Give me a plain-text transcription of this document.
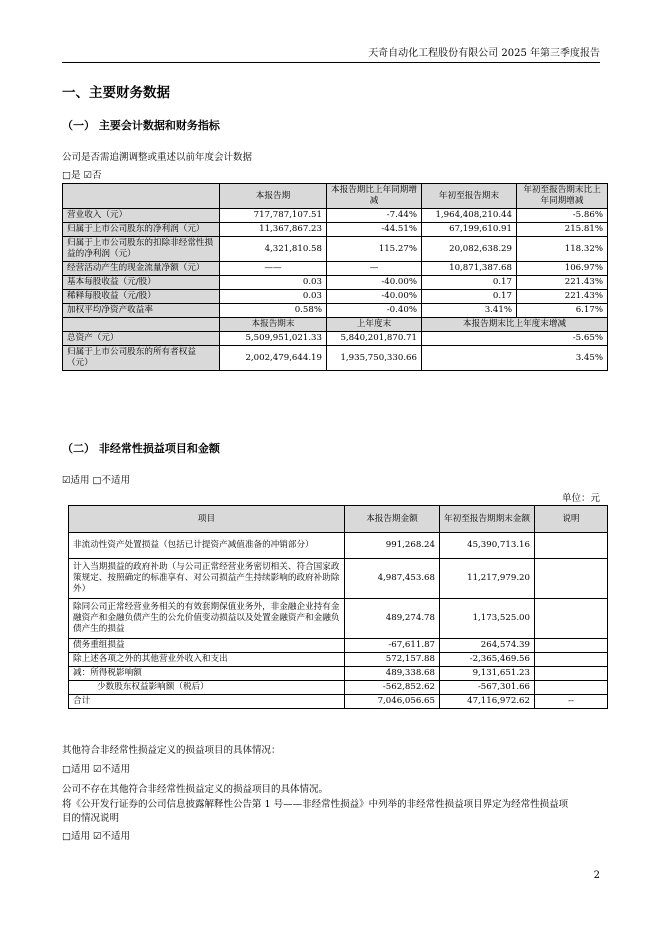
天奇自动化工程股份有限公司 2025 年第三季度报告
一、主要财务数据
（一） 主要会计数据和财务指标
公司是否需追溯调整或重述以前年度会计数据
□是 ☑否
	本报告期	本报告期比上年同期增减	年初至报告期末	年初至报告期末比上年同期增减
营业收入（元）	717,787,107.51	-7.44%	1,964,408,210.44	-5.86%
归属于上市公司股东的净利润（元）	11,367,867.23	-44.51%	67,199,610.91	215.81%
归属于上市公司股东的扣除非经常性损益的净利润（元）	4,321,810.58	115.27%	20,082,638.29	118.32%
经营活动产生的现金流量净额（元）	——	—	10,871,387.68	106.97%
基本每股收益（元/股）	0.03	-40.00%	0.17	221.43%
稀释每股收益（元/股）	0.03	-40.00%	0.17	221.43%
加权平均净资产收益率	0.58%	-0.40%	3.41%	6.17%
	本报告期末	上年度末	本报告期末比上年度末增减	
总资产（元）	5,509,951,021.33	5,840,201,870.71	-5.65%	
归属于上市公司股东的所有者权益（元）	2,002,479,644.19	1,935,750,330.66	3.45%	
（二） 非经常性损益项目和金额
☑适用 □不适用
单位：元
项目	本报告期金额	年初至报告期期末金额	说明
非流动性资产处置损益（包括已计提资产减值准备的冲销部分）	991,268.24	45,390,713.16	
计入当期损益的政府补助（与公司正常经营业务密切相关、符合国家政策规定、按照确定的标准享有、对公司损益产生持续影响的政府补助除外）	4,987,453.68	11,217,979.20	
除同公司正常经营业务相关的有效套期保值业务外，非金融企业持有金融资产和金融负债产生的公允价值变动损益以及处置金融资产和金融负债产生的损益	489,274.78	1,173,525.00	
债务重组损益	-67,611.87	264,574.39	
除上述各项之外的其他营业外收入和支出	572,157.88	-2,365,469.56	
减：所得税影响额	489,338.68	9,131,651.23	
少数股东权益影响额（税后）	-562,852.62	-567,301.66	
合计	7,046,056.65	47,116,972.62	--
其他符合非经常性损益定义的损益项目的具体情况：
□适用 ☑不适用
公司不存在其他符合非经常性损益定义的损益项目的具体情况。
将《公开发行证券的公司信息披露解释性公告第 1 号——非经常性损益》中列举的非经常性损益项目界定为经常性损益项
目的情况说明
□适用 ☑不适用
2
